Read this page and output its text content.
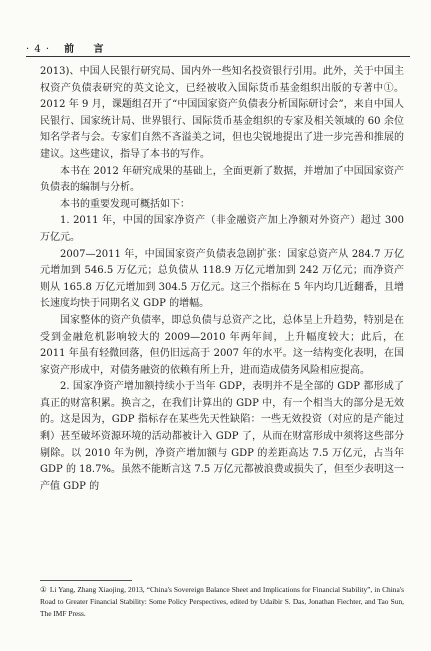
· 4 · 前 言

2013)、中国人民银行研究局、国内外一些知名投资银行引用。此外，关于中国主权资产负债表研究的英文论文，已经被收入国际货币基金组织出版的专著中①。2012 年 9 月，课题组召开了“中国国家资产负债表分析国际研讨会”，来自中国人民银行、国家统计局、世界银行、国际货币基金组织的专家及相关领域的 60 余位知名学者与会。专家们自然不吝溢美之词，但也尖锐地提出了进一步完善和推展的建议。这些建议，指导了本书的写作。

本书在 2012 年研究成果的基础上，全面更新了数据，并增加了中国国家资产负债表的编制与分析。

本书的重要发现可概括如下：

1. 2011 年，中国的国家净资产（非金融资产加上净额对外资产）超过 300 万亿元。

2007—2011 年，中国国家资产负债表急剧扩张：国家总资产从 284.7 万亿元增加到 546.5 万亿元；总负债从 118.9 万亿元增加到 242 万亿元；而净资产则从 165.8 万亿元增加到 304.5 万亿元。这三个指标在 5 年内均几近翻番，且增长速度均快于同期名义 GDP 的增幅。

国家整体的资产负债率，即总负债与总资产之比，总体呈上升趋势，特别是在受到金融危机影响较大的 2009—2010 年两年间，上升幅度较大；此后，在 2011 年虽有轻微回落，但仍旧远高于 2007 年的水平。这一结构变化表明，在国家资产形成中，对债务融资的依赖有所上升，进而造成债务风险相应提高。

2. 国家净资产增加额持续小于当年 GDP，表明并不是全部的 GDP 都形成了真正的财富积累。换言之，在我们计算出的 GDP 中，有一个相当大的部分是无效的。这是因为，GDP 指标存在某些先天性缺陷：一些无效投资（对应的是产能过剩）甚至破坏资源环境的活动都被计入 GDP 了，从而在财富形成中须将这些部分剔除。以 2010 年为例，净资产增加额与 GDP 的差距高达 7.5 万亿元，占当年 GDP 的 18.7%。虽然不能断言这 7.5 万亿元都被浪费或损失了，但至少表明这一产值 GDP 的

① Li Yang, Zhang Xiaojing, 2013, “China's Sovereign Balance Sheet and Implications for Financial Stability”, in China's Road to Greater Financial Stability: Some Policy Perspectives, edited by Udaibir S. Das, Jonathan Fiechter, and Tao Sun, The IMF Press.
